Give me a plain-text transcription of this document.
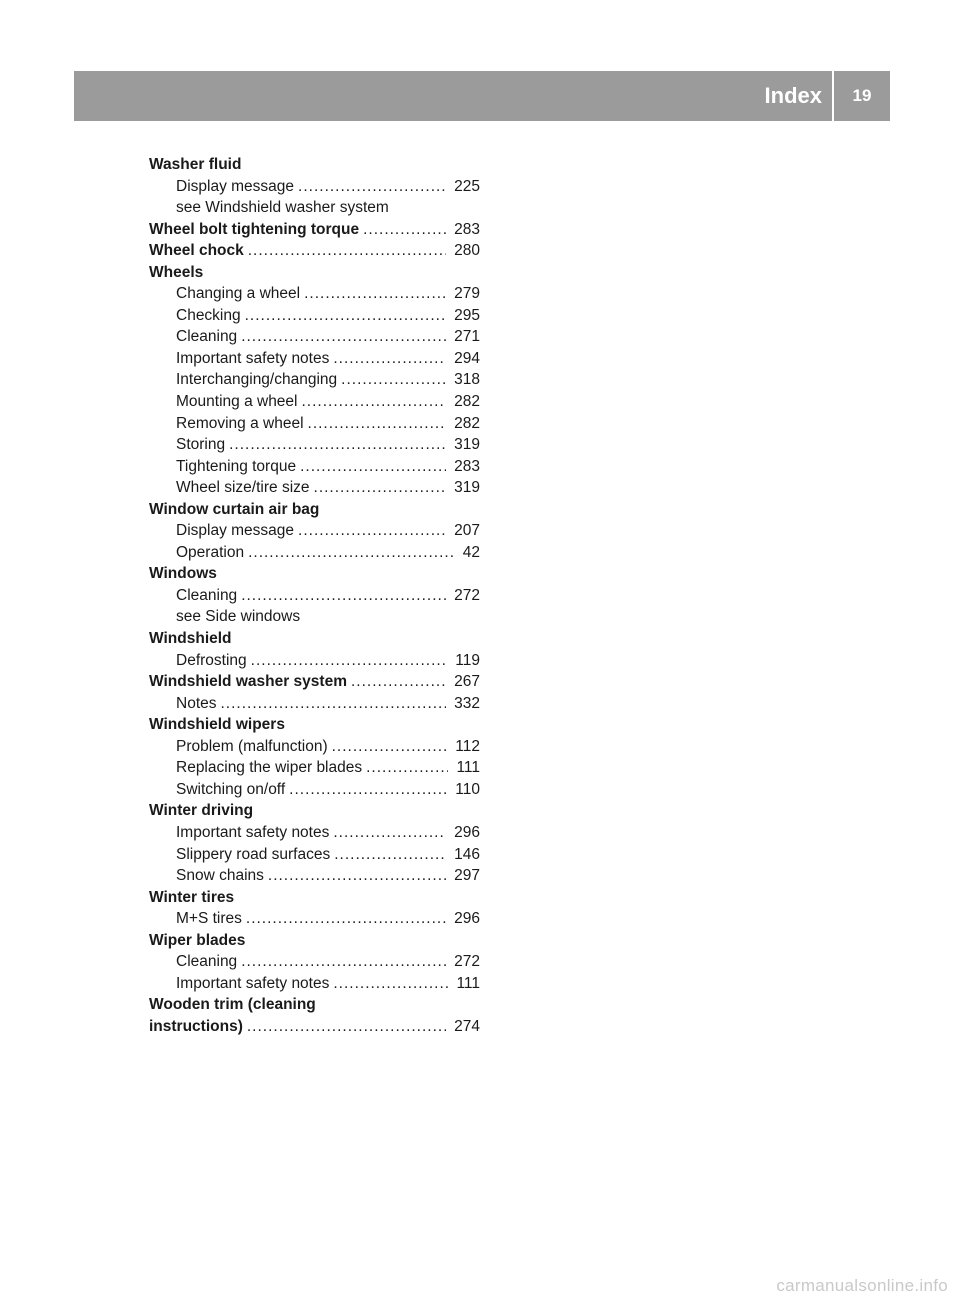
Index	19
Washer fluid
Display message .....	225
see Windshield washer system
Wheel bolt tightening torque .....	283
Wheel chock .....	280
Wheels
Changing a wheel .....	279
Checking .....	295
Cleaning .....	271
Important safety notes .....	294
Interchanging/changing .....	318
Mounting a wheel .....	282
Removing a wheel .....	282
Storing .....	319
Tightening torque .....	283
Wheel size/tire size .....	319
Window curtain air bag
Display message .....	207
Operation .....	42
Windows
Cleaning .....	272
see Side windows
Windshield
Defrosting .....	119
Windshield washer system .....	267
Notes .....	332
Windshield wipers
Problem (malfunction) .....	112
Replacing the wiper blades .....	111
Switching on/off .....	110
Winter driving
Important safety notes .....	296
Slippery road surfaces .....	146
Snow chains .....	297
Winter tires
M+S tires .....	296
Wiper blades
Cleaning .....	272
Important safety notes .....	111
Wooden trim (cleaning
instructions) .....	274
carmanualsonline.info
